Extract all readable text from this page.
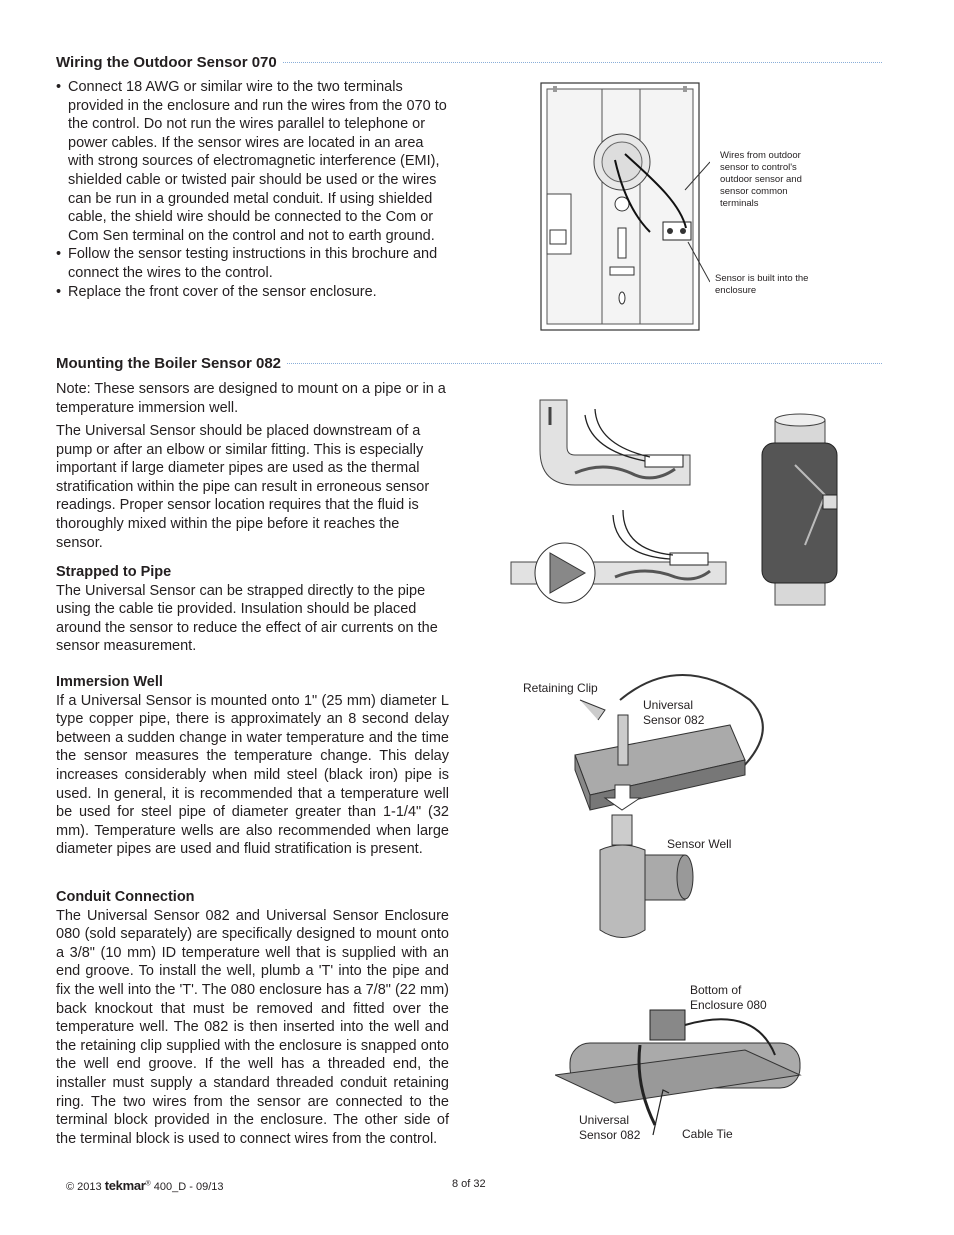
Wiring the Outdoor Sensor 070
• Connect 18 AWG or similar wire to the two terminals provided in the enclosure and run the wires from the 070 to the control. Do not run the wires parallel to telephone or power cables. If the sensor wires are located in an area with strong sources of electromagnetic interference (EMI), shielded cable or twisted pair should be used or the wires can be run in a grounded metal conduit. If using shielded cable, the shield wire should be connected to the Com or Com Sen terminal on the control and not to earth ground.
• Follow the sensor testing instructions in this brochure and connect the wires to the control.
• Replace the front cover of the sensor enclosure.
Wires from outdoor sensor to control's outdoor sensor and sensor common terminals
Sensor is built into the enclosure
Mounting the Boiler Sensor 082

Note: These sensors are designed to mount on a pipe or in a temperature immersion well.

The Universal Sensor should be placed downstream of a pump or after an elbow or similar fitting. This is especially important if large diameter pipes are used as the thermal stratification within the pipe can result in erroneous sensor readings. Proper sensor location requires that the fluid is thoroughly mixed within the pipe before it reaches the sensor.

Strapped to Pipe

The Universal Sensor can be strapped directly to the pipe using the cable tie provided. Insulation should be placed around the sensor to reduce the effect of air currents on the sensor measurement.

Immersion Well

If a Universal Sensor is mounted onto 1" (25 mm) diameter L type copper pipe, there is approximately an 8 second delay between a sudden change in water temperature and the time the sensor measures the temperature change. This delay increases considerably when mild steel (black iron) pipe is used. In general, it is recommended that a temperature well be used for steel pipe of diameter greater than 1-1/4" (32 mm). Temperature wells are also recommended when large diameter pipes are used and fluid stratification is present.

Conduit Connection

The Universal Sensor 082 and Universal Sensor Enclosure 080 (sold separately) are specifically designed to mount onto a 3/8" (10 mm) ID temperature well that is supplied with an end groove. To install the well, plumb a 'T' into the pipe and fix the well into the 'T'. The 080 enclosure has a 7/8" (22 mm) back knockout that must be removed and fitted over the temperature well. The 082 is then inserted into the well and the retaining clip supplied with the enclosure is snapped onto the well end groove. If the well has a threaded end, the installer must supply a standard threaded conduit retaining ring. The two wires from the sensor are connected to the terminal block provided in the enclosure. The other side of the terminal block is used to connect wires from the control.

Retaining Clip
Universal Sensor 082
Sensor Well
Bottom of Enclosure 080
Universal Sensor 082	Cable Tie
© 2013 tekmar® 400_D - 09/13	8 of 32
